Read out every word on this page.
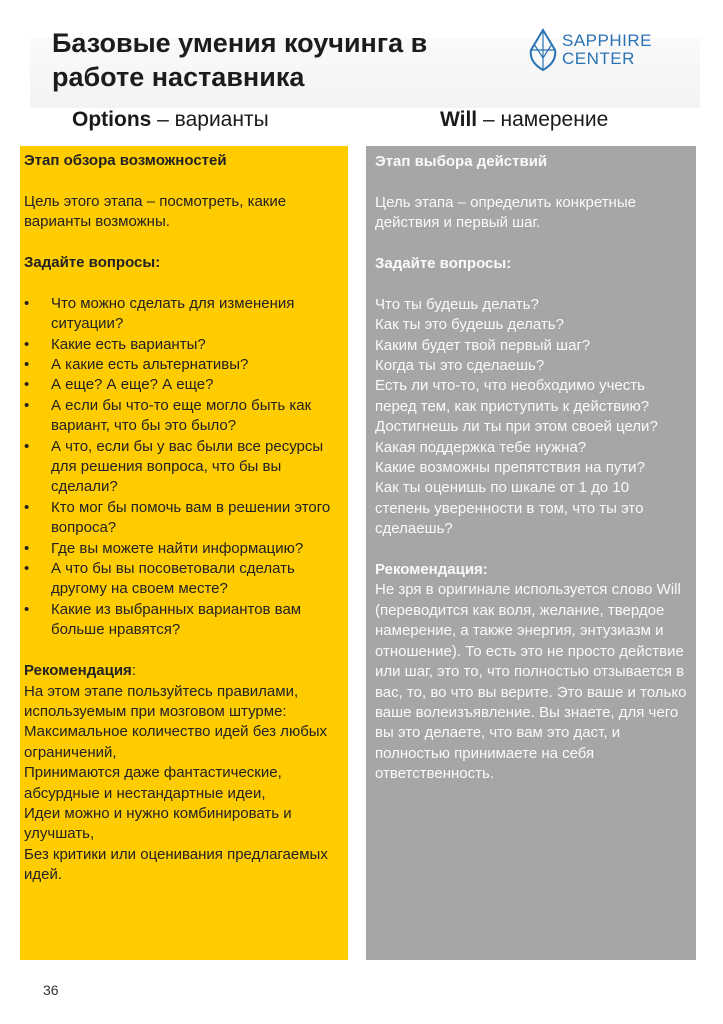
Базовые умения коучинга в работе наставника
SAPPHIRE
CENTER
Options – варианты	Will – намерение
Этап обзора возможностей
Цель этого этапа – посмотреть, какие варианты возможны.
Задайте вопросы:
• Что можно сделать для изменения ситуации?
• Какие есть варианты?
• А какие есть альтернативы?
• А еще? А еще? А еще?
• А если бы что-то еще могло быть как вариант, что бы это было?
• А что, если бы у вас были все ресурсы для решения вопроса, что бы вы сделали?
• Кто мог бы помочь вам в решении этого вопроса?
• Где вы можете найти информацию?
• А что бы вы посоветовали сделать другому на своем месте?
• Какие из выбранных вариантов вам больше нравятся?
Рекомендация:
На этом этапе пользуйтесь правилами, используемым при мозговом штурме:
Максимальное количество идей без любых ограничений,
Принимаются даже фантастические, абсурдные и нестандартные идеи,
Идеи можно и нужно комбинировать и улучшать,
Без критики или оценивания предлагаемых идей.
Этап выбора действий
Цель этапа – определить конкретные действия и первый шаг.
Задайте вопросы:
Что ты будешь делать?
Как ты это будешь делать?
Каким будет твой первый шаг?
Когда ты это сделаешь?
Есть ли что-то, что необходимо учесть перед тем, как приступить к действию?
Достигнешь ли ты при этом своей цели?
Какая поддержка тебе нужна?
Какие возможны препятствия на пути?
Как ты оценишь по шкале от 1 до 10 степень уверенности в том, что ты это сделаешь?
Рекомендация:
Не зря в оригинале используется слово Will (переводится как воля, желание, твердое намерение, а также энергия, энтузиазм и отношение). То есть это не просто действие или шаг, это то, что полностью отзывается в вас, то, во что вы верите. Это ваше и только ваше волеизъявление. Вы знаете, для чего вы это делаете, что вам это даст, и полностью принимаете на себя ответственность.
36
